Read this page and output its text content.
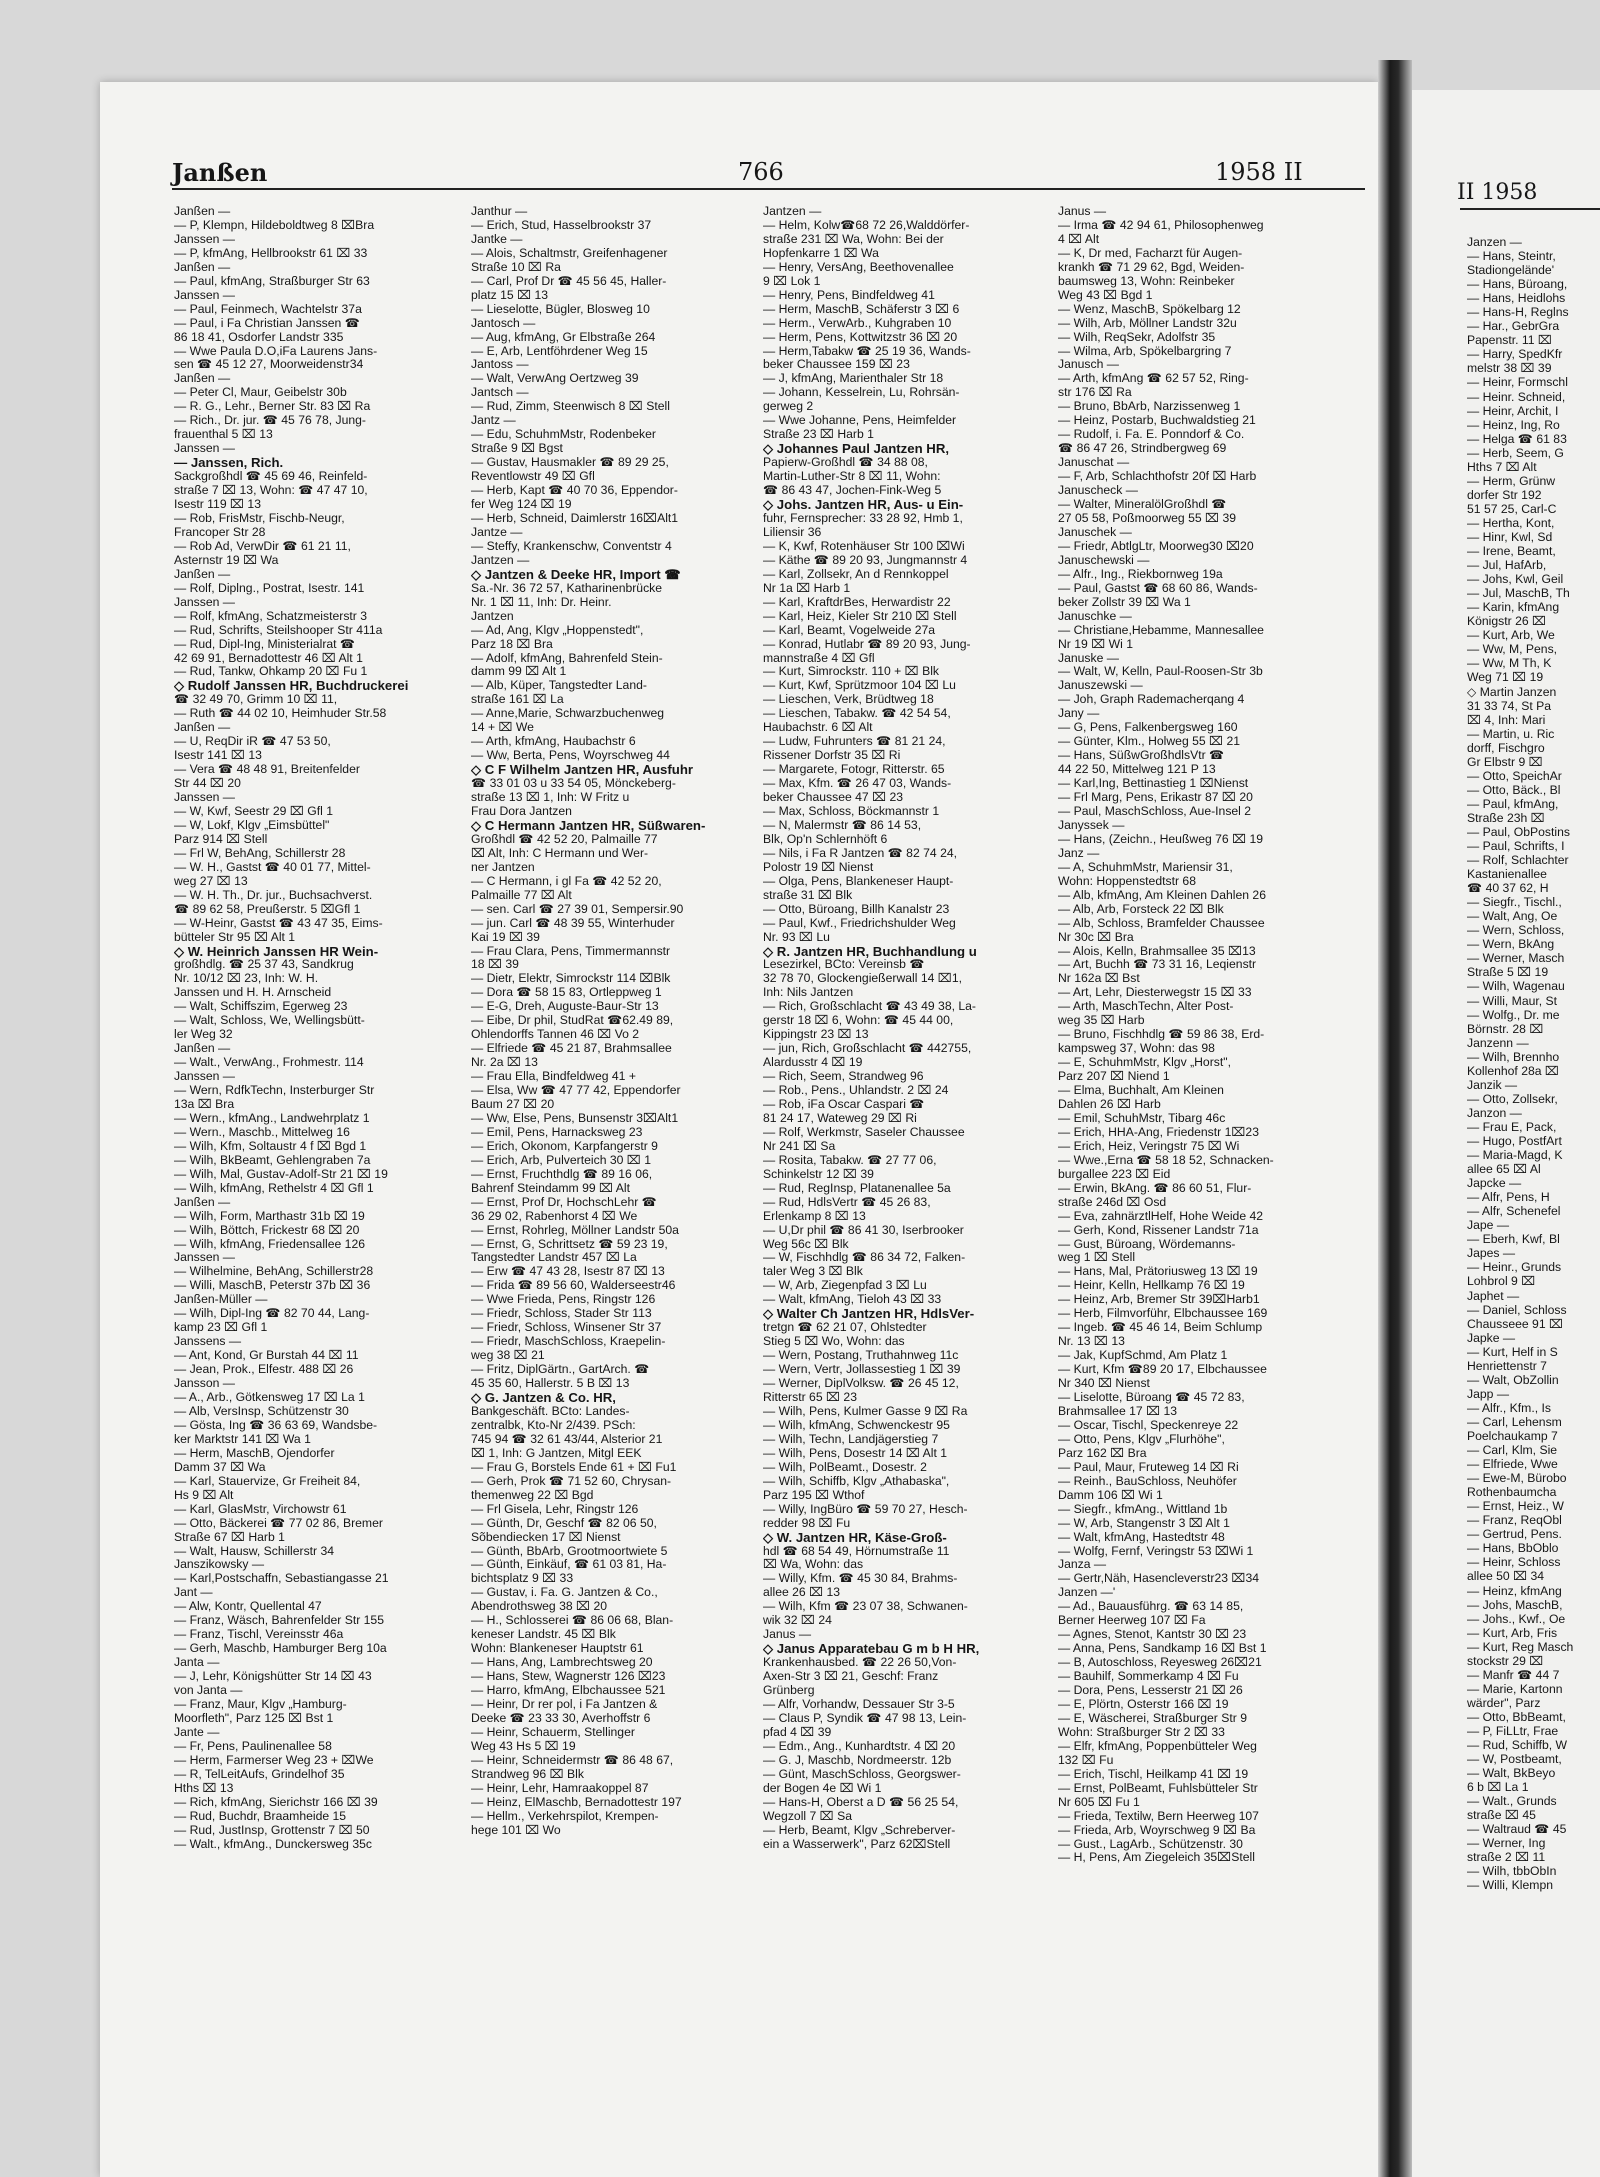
Janßen	766	1958 II
Janßen —
— P, Klempn, Hildeboldtweg 8 ⌧Bra
Janssen —
— P, kfmAng, Hellbrookstr 61 ⌧ 33
Janßen —
— Paul, kfmAng, Straßburger Str 63
Janssen —
— Paul, Feinmech, Wachtelstr 37a
— Paul, i Fa Christian Janssen ☎
86 18 41, Osdorfer Landstr 335
— Wwe Paula D.O,iFa Laurens Jans-
sen ☎ 45 12 27, Moorweidenstr34
Janßen —
— Peter Cl, Maur, Geibelstr 30b
— R. G., Lehr., Berner Str. 83 ⌧ Ra
— Rich., Dr. jur. ☎ 45 76 78, Jung-
frauenthal 5 ⌧ 13
Janssen —
— Janssen, Rich.
Sackgroßhdl ☎ 45 69 46, Reinfeld-
straße 7 ⌧ 13, Wohn: ☎ 47 47 10,
Isestr 119 ⌧ 13
— Rob, FrisMstr, Fischb-Neugr,
Francoper Str 28
— Rob Ad, VerwDir ☎ 61 21 11,
Asternstr 19 ⌧ Wa
Janßen —
— Rolf, Diplng., Postrat, Isestr. 141
Janssen —
— Rolf, kfmAng, Schatzmeisterstr 3
— Rud, Schrifts, Steilshooper Str 411a
— Rud, Dipl-Ing, Ministerialrat ☎
42 69 91, Bernadottestr 46 ⌧ Alt 1
— Rud, Tankw, Ohkamp 20 ⌧ Fu 1
◇ Rudolf Janssen HR, Buchdruckerei
☎ 32 49 70, Grimm 10 ⌧ 11,
— Ruth ☎ 44 02 10, Heimhuder Str.58
Janßen —
— U, ReqDir iR ☎ 47 53 50,
Isestr 141 ⌧ 13
— Vera ☎ 48 48 91, Breitenfelder
Str 44 ⌧ 20
Janssen —
— W, Kwf, Seestr 29 ⌧ Gfl 1
— W, Lokf, Klgv „Eimsbüttel"
Parz 914 ⌧ Stell
— Frl W, BehAng, Schillerstr 28
— W. H., Gastst ☎ 40 01 77, Mittel-
weg 27 ⌧ 13
— W. H. Th., Dr. jur., Buchsachverst.
☎ 89 62 58, Preußerstr. 5 ⌧Gfl 1
— W-Heinr, Gastst ☎ 43 47 35, Eims-
bütteler Str 95 ⌧ Alt 1
◇ W. Heinrich Janssen HR Wein-
großhdlg. ☎ 25 37 43, Sandkrug
Nr. 10/12 ⌧ 23, Inh: W. H.
Janssen und H. H. Arnscheid
— Walt, Schiffszim, Egerweg 23
— Walt, Schloss, We, Wellingsbütt-
ler Weg 32
Janßen —
— Walt., VerwAng., Frohmestr. 114
Janssen —
— Wern, RdfkTechn, Insterburger Str
13a ⌧ Bra
— Wern., kfmAng., Landwehrplatz 1
— Wern., Maschb., Mittelweg 16
— Wilh, Kfm, Soltaustr 4 f ⌧ Bgd 1
— Wilh, BkBeamt, Gehlengraben 7a
— Wilh, Mal, Gustav-Adolf-Str 21 ⌧ 19
— Wilh, kfmAng, Rethelstr 4 ⌧ Gfl 1
Janßen —
— Wilh, Form, Marthastr 31b ⌧ 19
— Wilh, Böttch, Frickestr 68 ⌧ 20
— Wilh, kfmAng, Friedensallee 126
Janssen —
— Wilhelmine, BehAng, Schillerstr28
— Willi, MaschB, Peterstr 37b ⌧ 36
Janßen-Müller —
— Wilh, Dipl-Ing ☎ 82 70 44, Lang-
kamp 23 ⌧ Gfl 1
Janssens —
— Ant, Kond, Gr Burstah 44 ⌧ 11
— Jean, Prok., Elfestr. 488 ⌧ 26
Jansson —
— A., Arb., Götkensweg 17 ⌧ La 1
— Alb, VersInsp, Schützenstr 30
— Gösta, Ing ☎ 36 63 69, Wandsbe-
ker Marktstr 141 ⌧ Wa 1
— Herm, MaschB, Ojendorfer
Damm 37 ⌧ Wa
— Karl, Stauervize, Gr Freiheit 84,
Hs 9 ⌧ Alt
— Karl, GlasMstr, Virchowstr 61
— Otto, Bäckerei ☎ 77 02 86, Bremer
Straße 67 ⌧ Harb 1
— Walt, Hausw, Schillerstr 34
Janszikowsky —
— Karl,Postschaffn, Sebastiangasse 21
Jant —
— Alw, Kontr, Quellental 47
— Franz, Wäsch, Bahrenfelder Str 155
— Franz, Tischl, Vereinsstr 46a
— Gerh, Maschb, Hamburger Berg 10a
Janta —
— J, Lehr, Königshütter Str 14 ⌧ 43
von Janta —
— Franz, Maur, Klgv „Hamburg-
Moorfleth", Parz 125 ⌧ Bst 1
Jante —
— Fr, Pens, Paulinenallee 58
— Herm, Farmerser Weg 23 + ⌧We
— R, TelLeitAufs, Grindelhof 35
Hths ⌧ 13
— Rich, kfmAng, Sierichstr 166 ⌧ 39
— Rud, Buchdr, Braamheide 15
— Rud, JustInsp, Grottenstr 7 ⌧ 50
— Walt., kfmAng., Dunckersweg 35c
Janthur —
— Erich, Stud, Hasselbrookstr 37
Jantke —
— Alois, Schaltmstr, Greifenhagener
Straße 10 ⌧ Ra
— Carl, Prof Dr ☎ 45 56 45, Haller-
platz 15 ⌧ 13
— Lieselotte, Bügler, Blosweg 10
Jantosch —
— Aug, kfmAng, Gr Elbstraße 264
— E, Arb, Lentföhrdener Weg 15
Jantoss —
— Walt, VerwAng Oertzweg 39
Jantsch —
— Rud, Zimm, Steenwisch 8 ⌧ Stell
Jantz —
— Edu, SchuhmMstr, Rodenbeker
Straße 9 ⌧ Bgst
— Gustav, Hausmakler ☎ 89 29 25,
Reventlowstr 49 ⌧ Gfl
— Herb, Kapt ☎ 40 70 36, Eppendor-
fer Weg 124 ⌧ 19
— Herb, Schneid, Daimlerstr 16⌧Alt1
Jantze —
— Steffy, Krankenschw, Conventstr 4
Jantzen —
◇ Jantzen & Deeke HR, Import ☎
Sa.-Nr. 36 72 57, Katharinenbrücke
Nr. 1 ⌧ 11, Inh: Dr. Heinr.
Jantzen
— Ad, Ang, Klgv „Hoppenstedt",
Parz 18 ⌧ Bra
— Adolf, kfmAng, Bahrenfeld Stein-
damm 99 ⌧ Alt 1
— Alb, Küper, Tangstedter Land-
straße 161 ⌧ La
— Anne,Marie, Schwarzbuchenweg
14 + ⌧ We
— Arth, kfmAng, Haubachstr 6
— Ww, Berta, Pens, Woyrschweg 44
◇ C F Wilhelm Jantzen HR, Ausfuhr
☎ 33 01 03 u 33 54 05, Mönckeberg-
straße 13 ⌧ 1, Inh: W Fritz u
Frau Dora Jantzen
◇ C Hermann Jantzen HR, Süßwaren-
Großhdl ☎ 42 52 20, Palmaille 77
⌧ Alt, Inh: C Hermann und Wer-
ner Jantzen
— C Hermann, i gl Fa ☎ 42 52 20,
Palmaille 77 ⌧ Alt
— sen. Carl ☎ 27 39 01, Sempersir.90
— jun. Carl ☎ 48 39 55, Winterhuder
Kai 19 ⌧ 39
— Frau Clara, Pens, Timmermannstr
18 ⌧ 39
— Dietr, Elektr, Simrockstr 114 ⌧Blk
— Dora ☎ 58 15 83, Ortleppweg 1
— E-G, Dreh, Auguste-Baur-Str 13
— Eibe, Dr phil, StudRat ☎62.49 89,
Ohlendorffs Tannen 46 ⌧ Vo 2
— Elfriede ☎ 45 21 87, Brahmsallee
Nr. 2a ⌧ 13
— Frau Ella, Bindfeldweg 41 +
— Elsa, Ww ☎ 47 77 42, Eppendorfer
Baum 27 ⌧ 20
— Ww, Else, Pens, Bunsenstr 3⌧Alt1
— Emil, Pens, Harnacksweg 23
— Erich, Okonom, Karpfangerstr 9
— Erich, Arb, Pulverteich 30 ⌧ 1
— Ernst, Fruchthdlg ☎ 89 16 06,
Bahrenf Steindamm 99 ⌧ Alt
— Ernst, Prof Dr, HochschLehr ☎
36 29 02, Rabenhorst 4 ⌧ We
— Ernst, Rohrleg, Möllner Landstr 50a
— Ernst, G, Schrittsetz ☎ 59 23 19,
Tangstedter Landstr 457 ⌧ La
— Erw ☎ 47 43 28, Isestr 87 ⌧ 13
— Frida ☎ 89 56 60, Walderseestr46
— Wwe Frieda, Pens, Ringstr 126
— Friedr, Schloss, Stader Str 113
— Friedr, Schloss, Winsener Str 37
— Friedr, MaschSchloss, Kraepelin-
weg 38 ⌧ 21
— Fritz, DiplGärtn., GartArch. ☎
45 35 60, Hallerstr. 5 B ⌧ 13
◇ G. Jantzen & Co. HR,
Bankgeschäft. BCto: Landes-
zentralbk, Kto-Nr 2/439. PSch:
745 94 ☎ 32 61 43/44, Alsterior 21
⌧ 1, Inh: G Jantzen, Mitgl EEK
— Frau G, Borstels Ende 61 + ⌧ Fu1
— Gerh, Prok ☎ 71 52 60, Chrysan-
themenweg 22 ⌧ Bgd
— Frl Gisela, Lehr, Ringstr 126
— Günth, Dr, Geschf ☎ 82 06 50,
Sõbendiecken 17 ⌧ Nienst
— Günth, BbArb, Grootmoortwiete 5
— Günth, Einkäuf, ☎ 61 03 81, Ha-
bichtsplatz 9 ⌧ 33
— Gustav, i. Fa. G. Jantzen & Co.,
Abendrothsweg 38 ⌧ 20
— H., Schlosserei ☎ 86 06 68, Blan-
keneser Landstr. 45 ⌧ Blk
Wohn: Blankeneser Hauptstr 61
— Hans, Ang, Lambrechtsweg 20
— Hans, Stew, Wagnerstr 126 ⌧23
— Harro, kfmAng, Elbchaussee 521
— Heinr, Dr rer pol, i Fa Jantzen &
Deeke ☎ 23 33 30, Averhoffstr 6
— Heinr, Schauerm, Stellinger
Weg 43 Hs 5 ⌧ 19
— Heinr, Schneidermstr ☎ 86 48 67,
Strandweg 96 ⌧ Blk
— Heinr, Lehr, Hamraakoppel 87
— Heinz, ElMaschb, Bernadottestr 197
— Hellm., Verkehrspilot, Krempen-
hege 101 ⌧ Wo
Jantzen —
— Helm, Kolw☎68 72 26,Walddörfer-
straße 231 ⌧ Wa, Wohn: Bei der
Hopfenkarre 1 ⌧ Wa
— Henry, VersAng, Beethovenallee
9 ⌧ Lok 1
— Henry, Pens, Bindfeldweg 41
— Herm, MaschB, Schäferstr 3 ⌧ 6
— Herm., VerwArb., Kuhgraben 10
— Herm, Pens, Kottwitzstr 36 ⌧ 20
— Herm,Tabakw ☎ 25 19 36, Wands-
beker Chaussee 159 ⌧ 23
— J, kfmAng, Marienthaler Str 18
— Johann, Kesselrein, Lu, Rohrsän-
gerweg 2
— Wwe Johanne, Pens, Heimfelder
Straße 23 ⌧ Harb 1
◇ Johannes Paul Jantzen HR,
Papierw-Großhdl ☎ 34 88 08,
Martin-Luther-Str 8 ⌧ 11, Wohn:
☎ 86 43 47, Jochen-Fink-Weg 5
◇ Johs. Jantzen HR, Aus- u Ein-
fuhr, Fernsprecher: 33 28 92, Hmb 1,
Liliensir 36
— K, Kwf, Rotenhäuser Str 100 ⌧Wi
— Käthe ☎ 89 20 93, Jungmannstr 4
— Karl, Zollsekr, An d Rennkoppel
Nr 1a ⌧ Harb 1
— Karl, KraftdrBes, Herwardistr 22
— Karl, Heiz, Kieler Str 210 ⌧ Stell
— Karl, Beamt, Vogelweide 27a
— Konrad, Hutlabr ☎ 89 20 93, Jung-
mannstraße 4 ⌧ Gfl
— Kurt, Simrockstr. 110 + ⌧ Blk
— Kurt, Kwf, Sprützmoor 104 ⌧ Lu
— Lieschen, Verk, Brüdtweg 18
— Lieschen, Tabakw. ☎ 42 54 54,
Haubachstr. 6 ⌧ Alt
— Ludw, Fuhrunters ☎ 81 21 24,
Rissener Dorfstr 35 ⌧ Ri
— Margarete, Fotogr, Ritterstr. 65
— Max, Kfm. ☎ 26 47 03, Wands-
beker Chaussee 47 ⌧ 23
— Max, Schloss, Böckmannstr 1
— N, Malermstr ☎ 86 14 53,
Blk, Op'n Schlernhöft 6
— Nils, i Fa R Jantzen ☎ 82 74 24,
Polostr 19 ⌧ Nienst
— Olga, Pens, Blankeneser Haupt-
straße 31 ⌧ Blk
— Otto, Büroang, Billh Kanalstr 23
— Paul, Kwf., Friedrichshulder Weg
Nr. 93 ⌧ Lu
◇ R. Jantzen HR, Buchhandlung u
Lesezirkel, BCto: Vereinsb ☎
32 78 70, Glockengießerwall 14 ⌧1,
Inh: Nils Jantzen
— Rich, Großschlacht ☎ 43 49 38, La-
gerstr 18 ⌧ 6, Wohn: ☎ 45 44 00,
Kippingstr 23 ⌧ 13
— jun, Rich, Großschlacht ☎ 442755,
Alardusstr 4 ⌧ 19
— Rich, Seem, Strandweg 96
— Rob., Pens., Uhlandstr. 2 ⌧ 24
— Rob, iFa Oscar Caspari ☎
81 24 17, Wateweg 29 ⌧ Ri
— Rolf, Werkmstr, Saseler Chaussee
Nr 241 ⌧ Sa
— Rosita, Tabakw. ☎ 27 77 06,
Schinkelstr 12 ⌧ 39
— Rud, RegInsp, Platanenallee 5a
— Rud, HdlsVertr ☎ 45 26 83,
Erlenkamp 8 ⌧ 13
— U,Dr phil ☎ 86 41 30, Iserbrooker
Weg 56c ⌧ Blk
— W, Fischhdlg ☎ 86 34 72, Falken-
taler Weg 3 ⌧ Blk
— W, Arb, Ziegenpfad 3 ⌧ Lu
— Walt, kfmAng, Tieloh 43 ⌧ 33
◇ Walter Ch Jantzen HR, HdlsVer-
tretgn ☎ 62 21 07, Ohlstedter
Stieg 5 ⌧ Wo, Wohn: das
— Wern, Postang, Truthahnweg 11c
— Wern, Vertr, Jollassestieg 1 ⌧ 39
— Werner, DiplVolksw. ☎ 26 45 12,
Ritterstr 65 ⌧ 23
— Wilh, Pens, Kulmer Gasse 9 ⌧ Ra
— Wilh, kfmAng, Schwenckestr 95
— Wilh, Techn, Landjägerstieg 7
— Wilh, Pens, Dosestr 14 ⌧ Alt 1
— Wilh, PolBeamt., Dosestr. 2
— Wilh, Schiffb, Klgv „Athabaska",
Parz 195 ⌧ Wthof
— Willy, IngBüro ☎ 59 70 27, Hesch-
redder 98 ⌧ Fu
◇ W. Jantzen HR, Käse-Groß-
hdl ☎ 68 54 49, Hörnumstraße 11
⌧ Wa, Wohn: das
— Willy, Kfm. ☎ 45 30 84, Brahms-
allee 26 ⌧ 13
— Wilh, Kfm ☎ 23 07 38, Schwanen-
wik 32 ⌧ 24
Janus —
◇ Janus Apparatebau G m b H HR,
Krankenhausbed. ☎ 22 26 50,Von-
Axen-Str 3 ⌧ 21, Geschf: Franz
Grünberg
— Alfr, Vorhandw, Dessauer Str 3-5
— Claus P, Syndik ☎ 47 98 13, Lein-
pfad 4 ⌧ 39
— Edm., Ang., Kunhardtstr. 4 ⌧ 20
— G. J, Maschb, Nordmeerstr. 12b
— Günt, MaschSchloss, Georgswer-
der Bogen 4e ⌧ Wi 1
— Hans-H, Oberst a D ☎ 56 25 54,
Wegzoll 7 ⌧ Sa
— Herb, Beamt, Klgv „Schreberver-
ein a Wasserwerk", Parz 62⌧Stell
Janus —
— Irma ☎ 42 94 61, Philosophenweg
4 ⌧ Alt
— K, Dr med, Facharzt für Augen-
krankh ☎ 71 29 62, Bgd, Weiden-
baumsweg 13, Wohn: Reinbeker
Weg 43 ⌧ Bgd 1
— Wenz, MaschB, Spökelbarg 12
— Wilh, Arb, Möllner Landstr 32u
— Wilh, ReqSekr, Adolfstr 35
— Wilma, Arb, Spökelbargring 7
Janusch —
— Arth, kfmAng ☎ 62 57 52, Ring-
str 176 ⌧ Ra
— Bruno, BbArb, Narzissenweg 1
— Heinz, Postarb, Buchwaldstieg 21
— Rudolf, i. Fa. E. Ponndorf & Co.
☎ 86 47 26, Strindbergweg 69
Januschat —
— F, Arb, Schlachthofstr 20f ⌧ Harb
Januscheck —
— Walter, MineralölGroßhdl ☎
27 05 58, Poßmoorweg 55 ⌧ 39
Januschek —
— Friedr, AbtlgLtr, Moorweg30 ⌧20
Januschewski —
— Alfr., Ing., Riekbornweg 19a
— Paul, Gastst ☎ 68 60 86, Wands-
beker Zollstr 39 ⌧ Wa 1
Januschke —
— Christiane,Hebamme, Mannesallee
Nr 19 ⌧ Wi 1
Januske —
— Walt, W, Kelln, Paul-Roosen-Str 3b
Januszewski —
— Joh, Graph Rademacherqang 4
Jany —
— G, Pens, Falkenbergsweg 160
— Günter, Klm., Holweg 55 ⌧ 21
— Hans, SüßwGroßhdlsVtr ☎
44 22 50, Mittelweg 121 P 13
— Karl,Ing, Bettinastieg 1 ⌧Nienst
— Frl Marg, Pens, Erikastr 87 ⌧ 20
— Paul, MaschSchloss, Aue-Insel 2
Janyssek —
— Hans, (Zeichn., Heußweg 76 ⌧ 19
Janz —
— A, SchuhmMstr, Mariensir 31,
Wohn: Hoppenstedtstr 68
— Alb, kfmAng, Am Kleinen Dahlen 26
— Alb, Arb, Forsteck 22 ⌧ Blk
— Alb, Schloss, Bramfelder Chaussee
Nr 30c ⌧ Bra
— Alois, Kelln, Brahmsallee 35 ⌧13
— Art, Buchh ☎ 73 31 16, Leqienstr
Nr 162a ⌧ Bst
— Art, Lehr, Diesterwegstr 15 ⌧ 33
— Arth, MaschTechn, Alter Post-
weg 35 ⌧ Harb
— Bruno, Fischhdlg ☎ 59 86 38, Erd-
kampsweg 37, Wohn: das 98
— E, SchuhmMstr, Klgv „Horst",
Parz 207 ⌧ Niend 1
— Elma, Buchhalt, Am Kleinen
Dahlen 26 ⌧ Harb
— Emil, SchuhMstr, Tibarg 46c
— Erich, HHA-Ang, Friedenstr 1⌧23
— Erich, Heiz, Veringstr 75 ⌧ Wi
— Wwe.,Erna ☎ 58 18 52, Schnacken-
burgallee 223 ⌧ Eid
— Erwin, BkAng. ☎ 86 60 51, Flur-
straße 246d ⌧ Osd
— Eva, zahnärztlHelf, Hohe Weide 42
— Gerh, Kond, Rissener Landstr 71a
— Gust, Büroang, Wördemanns-
weg 1 ⌧ Stell
— Hans, Mal, Prätoriusweg 13 ⌧ 19
— Heinr, Kelln, Hellkamp 76 ⌧ 19
— Heinz, Arb, Bremer Str 39⌧Harb1
— Herb, Filmvorführ, Elbchaussee 169
— Ingeb. ☎ 45 46 14, Beim Schlump
Nr. 13 ⌧ 13
— Jak, KupfSchmd, Am Platz 1
— Kurt, Kfm ☎89 20 17, Elbchaussee
Nr 340 ⌧ Nienst
— Liselotte, Büroang ☎ 45 72 83,
Brahmsallee 17 ⌧ 13
— Oscar, Tischl, Speckenreye 22
— Otto, Pens, Klgv „Flurhöhe",
Parz 162 ⌧ Bra
— Paul, Maur, Fruteweg 14 ⌧ Ri
— Reinh., BauSchloss, Neuhöfer
Damm 106 ⌧ Wi 1
— Siegfr., kfmAng., Wittland 1b
— W, Arb, Stangenstr 3 ⌧ Alt 1
— Walt, kfmAng, Hastedtstr 48
— Wolfg, Fernf, Veringstr 53 ⌧Wi 1
Janza —
— Gertr,Näh, Hasencleverstr23 ⌧34
Janzen —'
— Ad., Bauausführg. ☎ 63 14 85,
Berner Heerweg 107 ⌧ Fa
— Agnes, Stenot, Kantstr 30 ⌧ 23
— Anna, Pens, Sandkamp 16 ⌧ Bst 1
— B, Autoschloss, Reyesweg 26⌧21
— Bauhilf, Sommerkamp 4 ⌧ Fu
— Dora, Pens, Lesserstr 21 ⌧ 26
— E, Plörtn, Osterstr 166 ⌧ 19
— E, Wäscherei, Straßburger Str 9
Wohn: Straßburger Str 2 ⌧ 33
— Elfr, kfmAng, Poppenbütteler Weg
132 ⌧ Fu
— Erich, Tischl, Heilkamp 41 ⌧ 19
— Ernst, PolBeamt, Fuhlsbütteler Str
Nr 605 ⌧ Fu 1
— Frieda, Textilw, Bern Heerweg 107
— Frieda, Arb, Woyrschweg 9 ⌧ Ba
— Gust., LagArb., Schützenstr. 30
— H, Pens, Am Ziegeleich 35⌧Stell
II 1958
Janzen —
— Hans, Steintr,
Stadiongelände'
— Hans, Büroang,
— Hans, Heidlohs
— Hans-H, Reglns
— Har., GebrGra
Papenstr. 11 ⌧
— Harry, SpedKfr
melstr 38 ⌧ 39
— Heinr, Formschl
— Heinr. Schneid,
— Heinr, Archit, I
— Heinz, Ing, Ro
— Helga ☎ 61 83
— Herb, Seem, G
Hths 7 ⌧ Alt
— Herm, Grünw
dorfer Str 192
51 57 25, Carl-C
— Hertha, Kont,
— Hinr, Kwl, Sd
— Irene, Beamt,
— Jul, HafArb,
— Johs, Kwl, Geil
— Jul, MaschB, Th
— Karin, kfmAng
Königstr 26 ⌧
— Kurt, Arb, We
— Ww, M, Pens,
— Ww, M Th, K
Weg 71 ⌧ 19
◇ Martin Janzen
31 33 74, St Pa
⌧ 4, Inh: Mari
— Martin, u. Ric
dorff, Fischgro
Gr Elbstr 9 ⌧
— Otto, SpeichAr
— Otto, Bäck., Bl
— Paul, kfmAng,
Straße 23h ⌧
— Paul, ObPostins
— Paul, Schrifts, I
— Rolf, Schlachter
Kastanienallee
☎ 40 37 62, H
— Siegfr., Tischl.,
— Walt, Ang, Oe
— Wern, Schloss,
— Wern, BkAng
— Werner, Masch
Straße 5 ⌧ 19
— Wilh, Wagenau
— Willi, Maur, St
— Wolfg., Dr. me
Börnstr. 28 ⌧
Janzenn —
— Wilh, Brennho
Kollenhof 28a ⌧
Janzik —
— Otto, Zollsekr,
Janzon —
— Frau E, Pack,
— Hugo, PostfArt
— Maria-Magd, K
allee 65 ⌧ Al
Japcke —
— Alfr, Pens, H
— Alfr, Schenefel
Jape —
— Eberh, Kwf, Bl
Japes —
— Heinr., Grunds
Lohbrol 9 ⌧
Japhet —
— Daniel, Schloss
Chausseee 91 ⌧
Japke —
— Kurt, Helf in S
Henriettenstr 7
— Walt, ObZollin
Japp —
— Alfr., Kfm., Is
— Carl, Lehensm
Poelchaukamp 7
— Carl, Klm, Sie
— Elfriede, Wwe
— Ewe-M, Bürobo
Rothenbaumcha
— Ernst, Heiz., W
— Franz, ReqObl
— Gertrud, Pens.
— Hans, BbOblo
— Heinr, Schloss
allee 50 ⌧ 34
— Heinz, kfmAng
— Johs, MaschB,
— Johs., Kwf., Oe
— Kurt, Arb, Fris
— Kurt, Reg Masch
stockstr 29 ⌧
— Manfr ☎ 44 7
— Marie, Kartonn
wärder", Parz
— Otto, BbBeamt,
— P, FiLLtr, Frae
— Rud, Schiffb, W
— W, Postbeamt,
— Walt, BkBeyo
6 b ⌧ La 1
— Walt., Grunds
straße ⌧ 45
— Waltraud ☎ 45
— Werner, Ing
straße 2 ⌧ 11
— Wilh, tbbObIn
— Willi, Klempn
